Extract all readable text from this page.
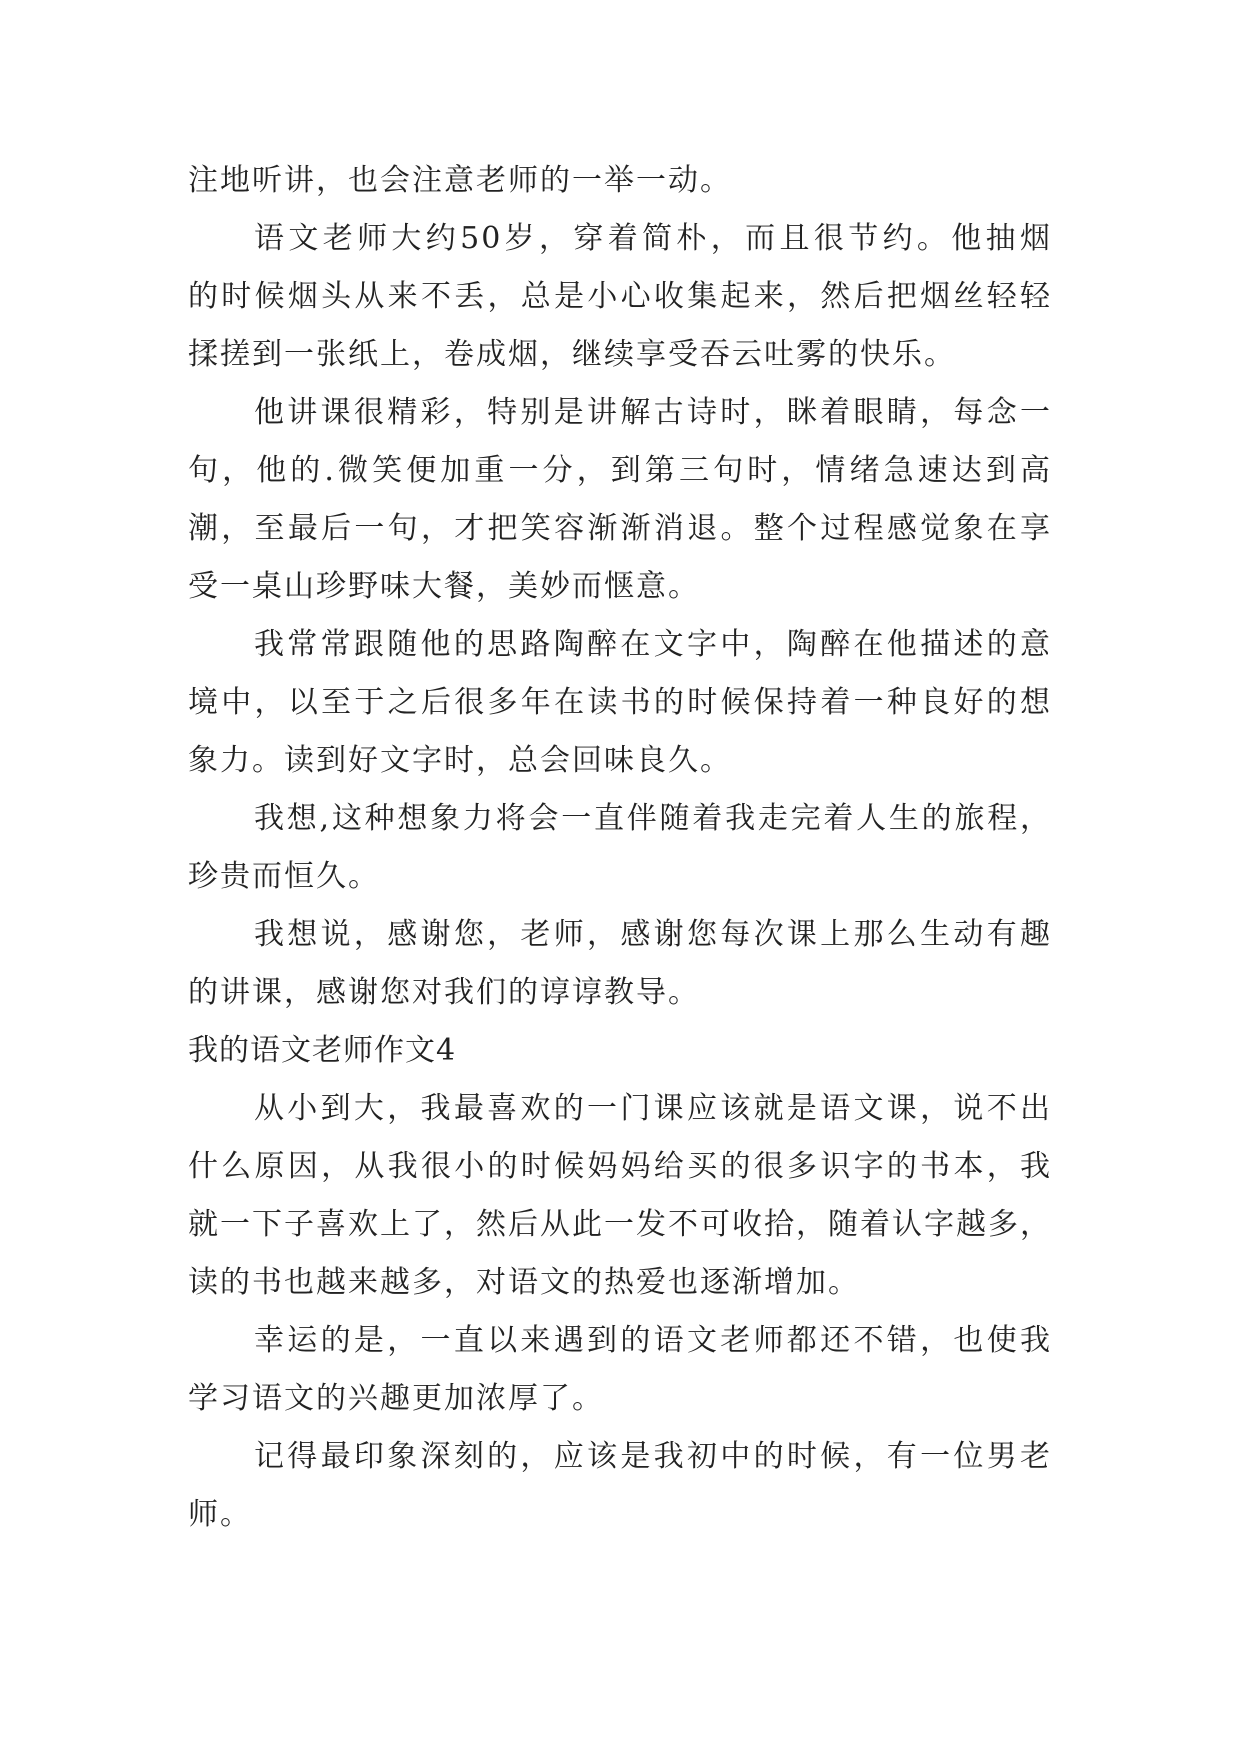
注地听讲，也会注意老师的一举一动。

语文老师大约50岁，穿着简朴，而且很节约。他抽烟

的时候烟头从来不丢，总是小心收集起来，然后把烟丝轻轻

揉搓到一张纸上，卷成烟，继续享受吞云吐雾的快乐。

他讲课很精彩，特别是讲解古诗时，眯着眼睛，每念一

句，他的.微笑便加重一分，到第三句时，情绪急速达到高

潮，至最后一句，才把笑容渐渐消退。整个过程感觉象在享

受一桌山珍野味大餐，美妙而惬意。

我常常跟随他的思路陶醉在文字中，陶醉在他描述的意

境中，以至于之后很多年在读书的时候保持着一种良好的想

象力。读到好文字时，总会回味良久。

我想,这种想象力将会一直伴随着我走完着人生的旅程，

珍贵而恒久。

我想说，感谢您，老师，感谢您每次课上那么生动有趣

的讲课，感谢您对我们的谆谆教导。

我的语文老师作文4

从小到大，我最喜欢的一门课应该就是语文课，说不出

什么原因，从我很小的时候妈妈给买的很多识字的书本，我

就一下子喜欢上了，然后从此一发不可收拾，随着认字越多，

读的书也越来越多，对语文的热爱也逐渐增加。

幸运的是，一直以来遇到的语文老师都还不错，也使我

学习语文的兴趣更加浓厚了。

记得最印象深刻的，应该是我初中的时候，有一位男老

师。
